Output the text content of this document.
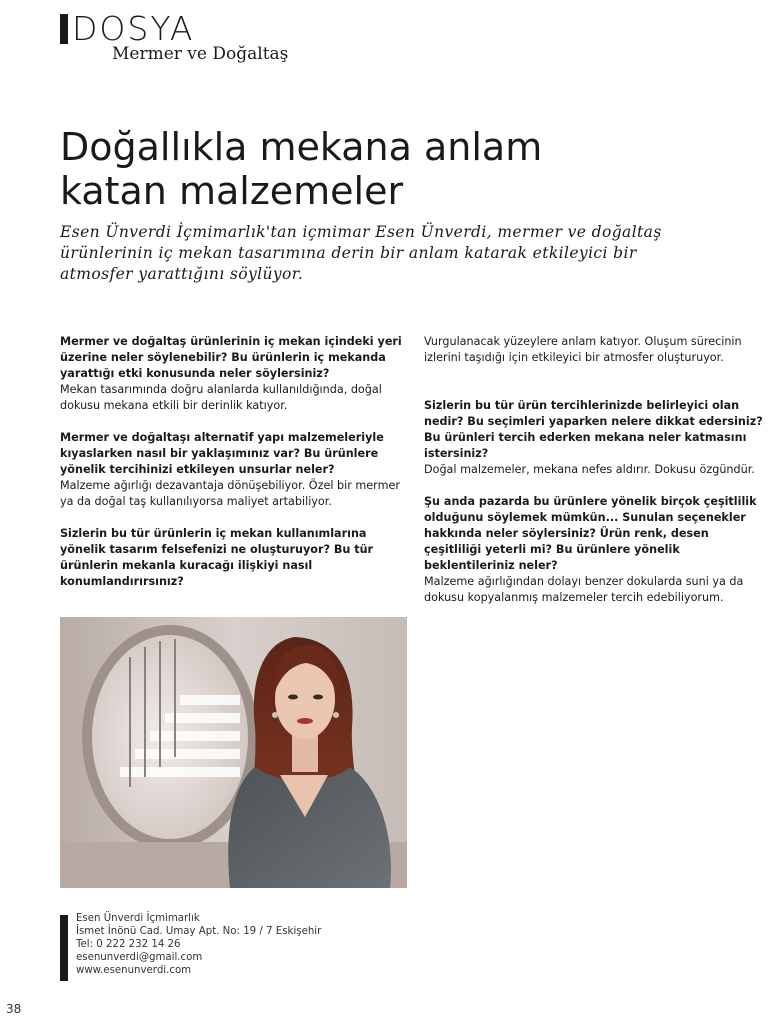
DOSYA
Mermer ve Doğaltaş
Doğallıkla mekana anlam
katan malzemeler
Esen Ünverdi İçmimarlık'tan içmimar Esen Ünverdi, mermer ve doğaltaş
ürünlerinin iç mekan tasarımına derin bir anlam katarak etkileyici bir
atmosfer yarattığını söylüyor.

Mermer ve doğaltaş ürünlerinin iç mekan içindeki yeri üzerine neler söylenebilir? Bu ürünlerin iç mekanda yarattığı etki konusunda neler söylersiniz?

Mekan tasarımında doğru alanlarda kullanıldığında, doğal dokusu mekana etkili bir derinlik katıyor.

Mermer ve doğaltaşı alternatif yapı malzemeleriyle kıyaslarken nasıl bir yaklaşımınız var? Bu ürünlere yönelik tercihinizi etkileyen unsurlar neler?

Malzeme ağırlığı dezavantaja dönüşebiliyor. Özel bir mermer ya da doğal taş kullanılıyorsa maliyet artabiliyor.

Sizlerin bu tür ürünlerin iç mekan kullanımlarına yönelik tasarım felsefenizi ne oluşturuyor? Bu tür ürünlerin mekanla kuracağı ilişkiyi nasıl konumlandırırsınız?

Vurgulanacak yüzeylere anlam katıyor. Oluşum sürecinin izlerini taşıdığı için etkileyici bir atmosfer oluşturuyor.

Sizlerin bu tür ürün tercihlerinizde belirleyici olan nedir? Bu seçimleri yaparken nelere dikkat edersiniz? Bu ürünleri tercih ederken mekana neler katmasını istersiniz?

Doğal malzemeler, mekana nefes aldırır. Dokusu özgündür.

Şu anda pazarda bu ürünlere yönelik birçok çeşitlilik olduğunu söylemek mümkün... Sunulan seçenekler hakkında neler söylersiniz? Ürün renk, desen çeşitliliği yeterli mi? Bu ürünlere yönelik beklentileriniz neler?

Malzeme ağırlığından dolayı benzer dokularda suni ya da dokusu kopyalanmış malzemeler tercih edebiliyorum.

Esen Ünverdi İçmimarlık
İsmet İnönü Cad. Umay Apt. No: 19 / 7 Eskişehir
Tel: 0 222 232 14 26
esenunverdi@gmail.com
www.esenunverdi.com
38
